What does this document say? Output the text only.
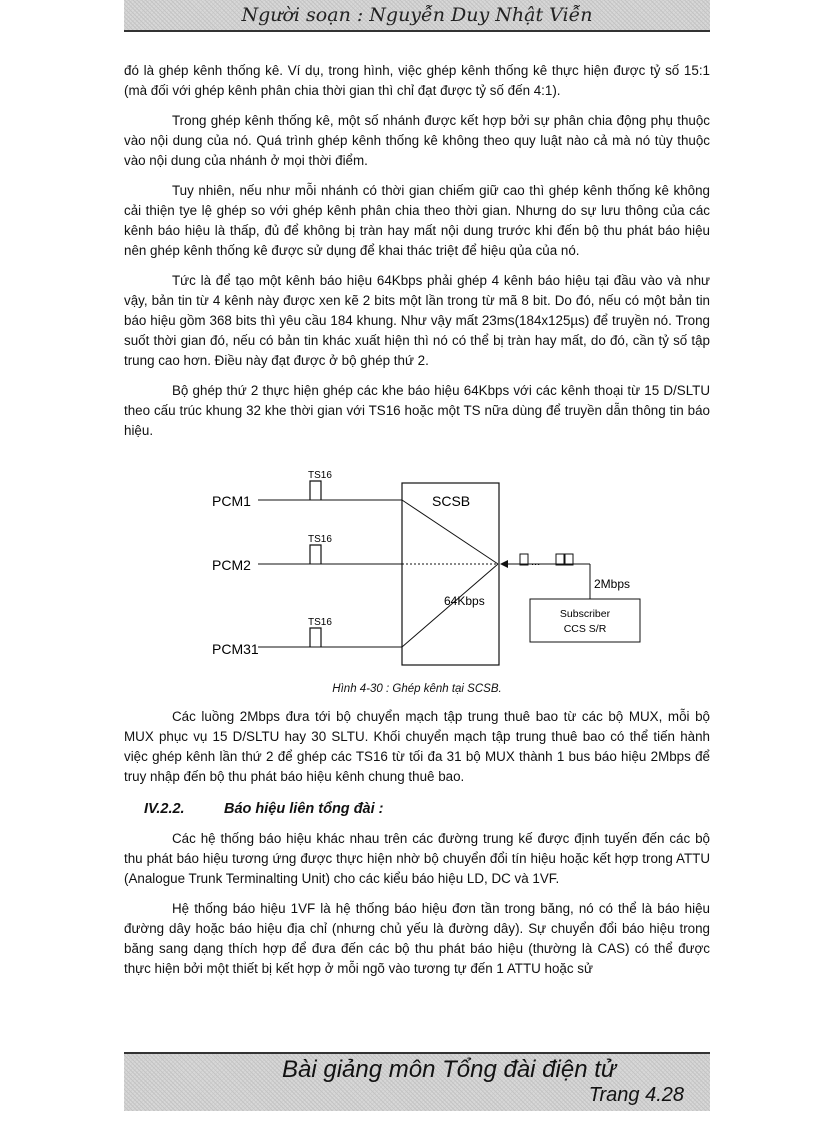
Người soạn : Nguyễn Duy Nhật Viễn

đó là ghép kênh thống kê. Ví dụ, trong hình, việc ghép kênh thống kê thực hiện được tỷ số 15:1 (mà đối với ghép kênh phân chia thời gian thì chỉ đạt được tỷ số đến 4:1).

Trong ghép kênh thống kê, một số nhánh được kết hợp bởi sự phân chia động phụ thuộc vào nội dung của nó. Quá trình ghép kênh thống kê không theo quy luật nào cả mà nó tùy thuộc vào nội dung của nhánh ở mọi thời điểm.

Tuy nhiên, nếu như mỗi nhánh có thời gian chiếm giữ cao thì ghép kênh thống kê không cải thiện tye lệ ghép so với ghép kênh phân chia theo thời gian. Nhưng do sự lưu thông của các kênh báo hiệu là thấp, đủ để không bị tràn hay mất nội dung trước khi đến bộ thu phát báo hiệu nên ghép kênh thống kê được sử dụng để khai thác triệt để hiệu qủa của nó.

Tức là để tạo một kênh báo hiệu 64Kbps phải ghép 4 kênh báo hiệu tại đầu vào và như vậy, bản tin từ 4 kênh này được xen kẽ 2 bits một lần trong từ mã 8 bit. Do đó, nếu có một bản tin báo hiệu gồm 368 bits thì yêu cầu 184 khung. Như vậy mất 23ms(184x125µs) để truyền nó. Trong suốt thời gian đó, nếu có bản tin khác xuất hiện thì nó có thể bị tràn hay mất, do đó, cần tỷ số tập trung cao hơn. Điều này đạt được ở bộ ghép thứ 2.

Bộ ghép thứ 2 thực hiện ghép các khe báo hiệu 64Kbps với các kênh thoại từ 15 D/SLTU theo cấu trúc khung 32 khe thời gian với TS16 hoặc một TS nữa dùng để truyền dẫn thông tin báo hiệu.

PCM1
TS16
PCM2
TS16
PCM31
TS16
SCSB
64Kbps
...
2Mbps
Subscriber
CCS S/R
Hình 4-30 : Ghép kênh tại SCSB.

Các luồng 2Mbps đưa tới bộ chuyển mạch tập trung thuê bao từ các bộ MUX, mỗi bộ MUX phục vụ 15 D/SLTU hay 30 SLTU. Khối chuyển mạch tập trung thuê bao có thể tiến hành việc ghép kênh lần thứ 2 để ghép các TS16 từ tối đa 31 bộ MUX thành 1 bus báo hiệu 2Mbps để truy nhập đến bộ thu phát báo hiệu kênh chung thuê bao.

IV.2.2.	Báo hiệu liên tổng đài :

Các hệ thống báo hiệu khác nhau trên các đường trung kế được định tuyến đến các bộ thu phát báo hiệu tương ứng được thực hiện nhờ bộ chuyển đổi tín hiệu hoặc kết hợp trong ATTU (Analogue Trunk Terminalting Unit) cho các kiểu báo hiệu LD, DC và 1VF.

Hệ thống báo hiệu 1VF là hệ thống báo hiệu đơn tần trong băng, nó có thể là báo hiệu đường dây hoặc báo hiệu địa chỉ (nhưng chủ yếu là đường dây). Sự chuyển đổi báo hiệu trong băng sang dạng thích hợp để đưa đến các bộ thu phát báo hiệu (thường là CAS) có thể được thực hiện bởi một thiết bị kết hợp ở mỗi ngõ vào tương tự đến 1 ATTU hoặc sử

Bài giảng môn Tổng đài điện tử
Trang 4.28
